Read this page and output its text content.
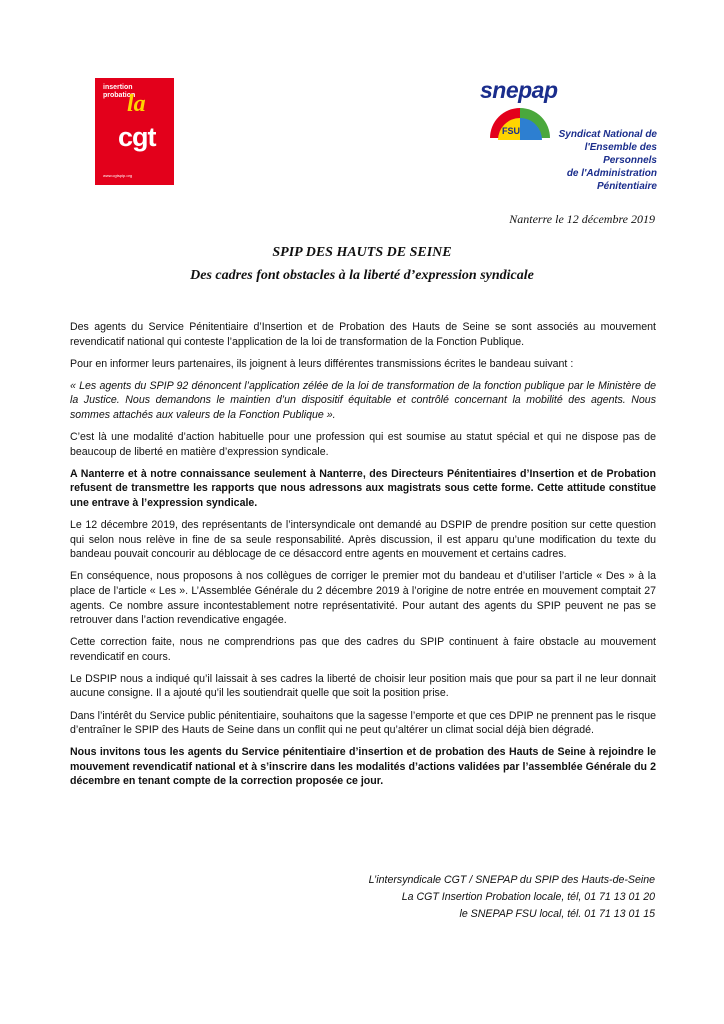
insertion
probation
la
cgt
www.cgtspip.org
snepap
FSU	Syndicat National de
l'Ensemble des Personnels
de l'Administration Pénitentiaire
Nanterre le 12 décembre 2019
SPIP DES HAUTS DE SEINE
Des cadres font obstacles à la liberté d’expression syndicale

Des agents du Service Pénitentiaire d’Insertion et de Probation des Hauts de Seine se sont associés au mouvement revendicatif national qui conteste l’application de la loi de transformation de la Fonction Publique.

Pour en informer leurs partenaires, ils joignent à leurs différentes transmissions écrites le bandeau suivant :

« Les agents du SPIP 92 dénoncent l’application zélée de la loi de transformation de la fonction publique par le Ministère de la Justice. Nous demandons le maintien d’un dispositif équitable et contrôlé concernant la mobilité des agents. Nous sommes attachés aux valeurs de la Fonction Publique ».

C’est là une modalité d’action habituelle pour une profession qui est soumise au statut spécial et qui ne dispose pas de beaucoup de liberté en matière d’expression syndicale.

A Nanterre et à notre connaissance seulement à Nanterre, des Directeurs Pénitentiaires d’Insertion et de Probation refusent de transmettre les rapports que nous adressons aux magistrats sous cette forme. Cette attitude constitue une entrave à l’expression syndicale.

Le 12 décembre 2019, des représentants de l’intersyndicale ont demandé au DSPIP de prendre position sur cette question qui selon nous relève in fine de sa seule responsabilité. Après discussion, il est apparu qu’une modification du texte du bandeau pouvait concourir au déblocage de ce désaccord entre agents en mouvement et certains cadres.

En conséquence, nous proposons à nos collègues de corriger le premier mot du bandeau et d’utiliser l’article « Des » à la place de l’article « Les ». L’Assemblée Générale du 2 décembre 2019 à l’origine de notre entrée en mouvement comptait 27 agents. Ce nombre assure incontestablement notre représentativité. Pour autant des agents du SPIP peuvent ne pas se retrouver dans l’action revendicative engagée.

Cette correction faite, nous ne comprendrions pas que des cadres du SPIP continuent à faire obstacle au mouvement revendicatif en cours.

Le DSPIP nous a indiqué qu’il laissait à ses cadres la liberté de choisir leur position mais que pour sa part il ne leur donnait aucune consigne. Il a ajouté qu’il les soutiendrait quelle que soit la position prise.

Dans l’intérêt du Service public pénitentiaire, souhaitons que la sagesse l’emporte et que ces DPIP ne prennent pas le risque d’entraîner le SPIP des Hauts de Seine dans un conflit qui ne peut qu’altérer un climat social déjà bien dégradé.

Nous invitons tous les agents du Service pénitentiaire d’insertion et de probation des Hauts de Seine à rejoindre le mouvement revendicatif national et à s’inscrire dans les modalités d’actions validées par l’assemblée Générale du 2 décembre en tenant compte de la correction proposée ce jour.

L’intersyndicale CGT / SNEPAP du SPIP des Hauts-de-Seine
La CGT Insertion Probation locale, tél, 01 71 13 01 20
le SNEPAP FSU local, tél. 01 71 13 01 15
